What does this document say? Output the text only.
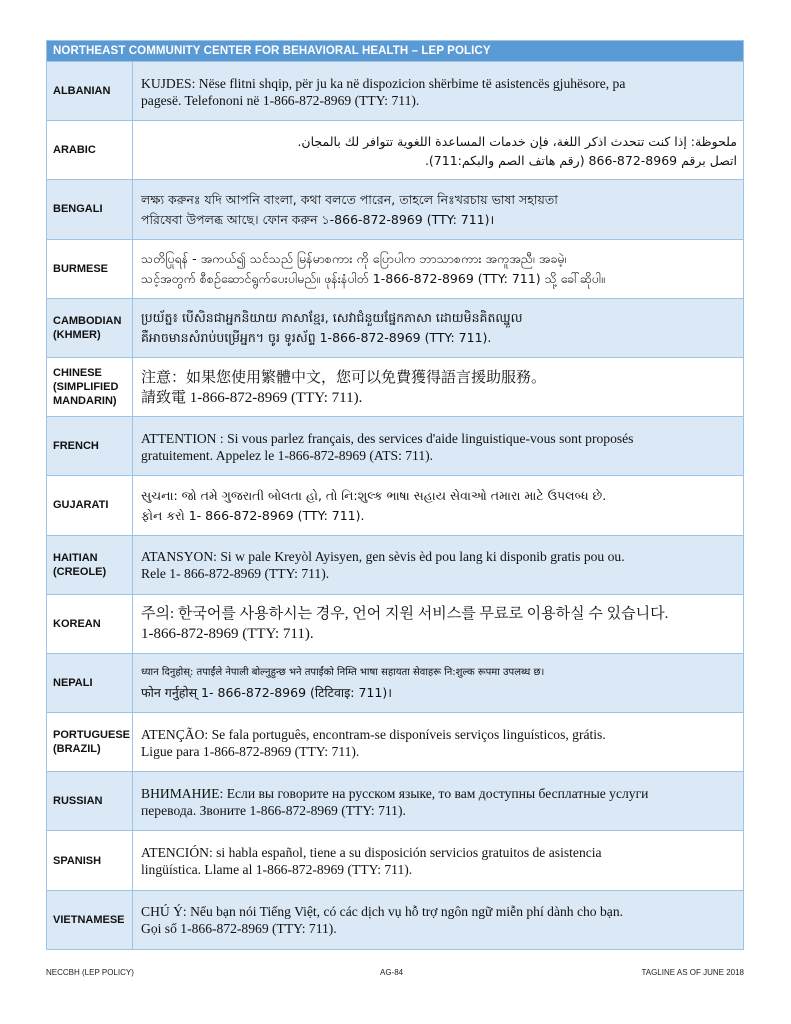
NORTHEAST COMMUNITY CENTER FOR BEHAVIORAL HEALTH – LEP POLICY
ALBANIAN
KUJDES: Nëse flitni shqip, për ju ka në dispozicion shërbime të asistencës gjuhësore, pa
pagesë. Telefononi në 1-866-872-8969 (TTY: 711).
ARABIC
ملحوظة: إذا كنت تتحدث اذكر اللغة، فإن خدمات المساعدة اللغوية تتوافر لك بالمجان.
اتصل برقم 8969-872-866 (رقم هاتف الصم والبكم:711).
BENGALI
লক্ষ্য করুনঃ যদি আপনি বাংলা, কথা বলতে পারেন, তাহলে নিঃখরচায় ভাষা সহায়তা
পরিষেবা উপলব্ধ আছে। ফোন করুন ১-866-872-8969 (TTY: 711)।
BURMESE
သတိပြုရန် - အကယ်၍ သင်သည် မြန်မာစကား ကို ပြောပါက ဘာသာစကား အကူအညီ၊ အခမဲ့၊
သင့်အတွက် စီစဉ်ဆောင်ရွက်ပေးပါမည်။ ဖုန်းနံပါတ် 1-866-872-8969 (TTY: 711) သို့ ခေါ်ဆိုပါ။
CAMBODIAN
(KHMER)
ប្រយ័ត្ន៖ បើសិនជាអ្នកនិយាយ ភាសាខ្មែរ, សេវាជំនួយផ្នែកភាសា ដោយមិនគិតឈ្នួល
គឺអាចមានសំរាប់បម្រើអ្នក។ ចូរ ទូរស័ព្ទ 1-866-872-8969 (TTY: 711).
CHINESE
(SIMPLIFIED
MANDARIN)
注意：如果您使用繁體中文，您可以免費獲得語言援助服務。
請致電 1-866-872-8969 (TTY: 711).
FRENCH
ATTENTION : Si vous parlez français, des services d'aide linguistique-vous sont proposés
gratuitement. Appelez le 1-866-872-8969 (ATS: 711).
GUJARATI
સુચના: જો તમે ગુજરાતી બોલતા હો, તો નિ:શુલ્ક ભાષા સહાય સેવાઓ તમારા માટે ઉપલબ્ધ છે.
ફોન કરો 1- 866-872-8969 (TTY: 711).
HAITIAN
(CREOLE)
ATANSYON: Si w pale Kreyòl Ayisyen, gen sèvis èd pou lang ki disponib gratis pou ou.
Rele 1- 866-872-8969 (TTY: 711).
KOREAN
주의: 한국어를 사용하시는 경우, 언어 지원 서비스를 무료로 이용하실 수 있습니다.
1-866-872-8969 (TTY: 711).
NEPALI
ध्यान दिनुहोस्: तपाईंले नेपाली बोल्नुहुन्छ भने तपाईंको निम्ति भाषा सहायता सेवाहरू नि:शुल्क रूपमा उपलब्ध छ।
फोन गर्नुहोस् 1- 866-872-8969 (टिटिवाइ: 711)।
PORTUGUESE
(BRAZIL)
ATENÇÃO: Se fala português, encontram-se disponíveis serviços linguísticos, grátis.
Ligue para 1-866-872-8969 (TTY: 711).
RUSSIAN
ВНИМАНИЕ: Если вы говорите на русском языке, то вам доступны бесплатные услуги
перевода. Звоните 1-866-872-8969 (TTY: 711).
SPANISH
ATENCIÓN: si habla español, tiene a su disposición servicios gratuitos de asistencia
lingüística. Llame al 1-866-872-8969 (TTY: 711).
VIETNAMESE
CHÚ Ý: Nếu bạn nói Tiếng Việt, có các dịch vụ hỗ trợ ngôn ngữ miễn phí dành cho bạn.
Gọi số 1-866-872-8969 (TTY: 711).
NECCBH (LEP POLICY)	AG-84	TAGLINE AS OF JUNE 2018
